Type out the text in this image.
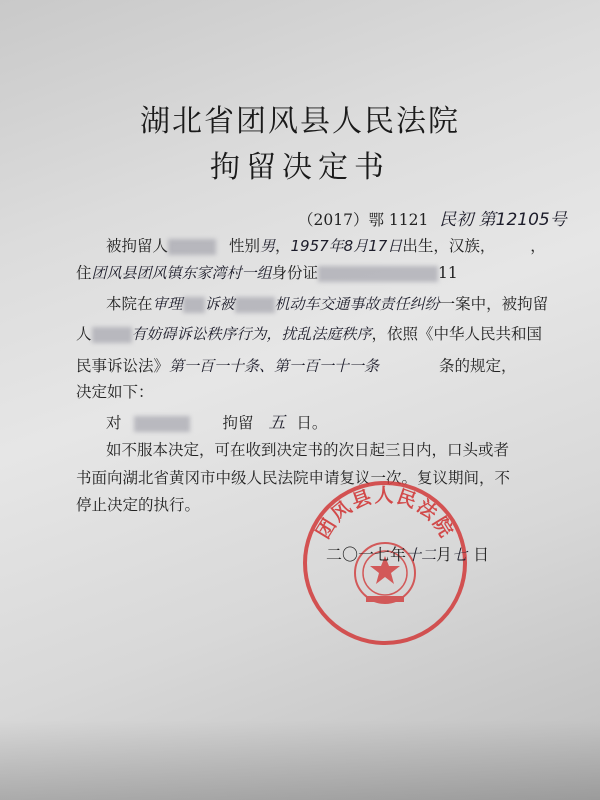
湖北省团风县人民法院
拘留决定书
（2017）鄂 1121 民初 第12105号
被拘留人	性别男，1957年8月17日出生，汉族， ，
住团风县团风镇东家湾村一组身份证	11
本院在审理 诉被	机动车交通事故责任纠纷一案中，被拘留
人	有妨碍诉讼秩序行为，扰乱法庭秩序，依照《中华人民共和国
民事诉讼法》第一百一十条、第一百一十一条	条的规定，
决定如下：
对	拘留 五 日。
如不服本决定，可在收到决定书的次日起三日内，口头或者
书面向湖北省黄冈市中级人民法院申请复议一次。复议期间，不
停止决定的执行。
团风县人民法院
二〇一七年十二月七 日
